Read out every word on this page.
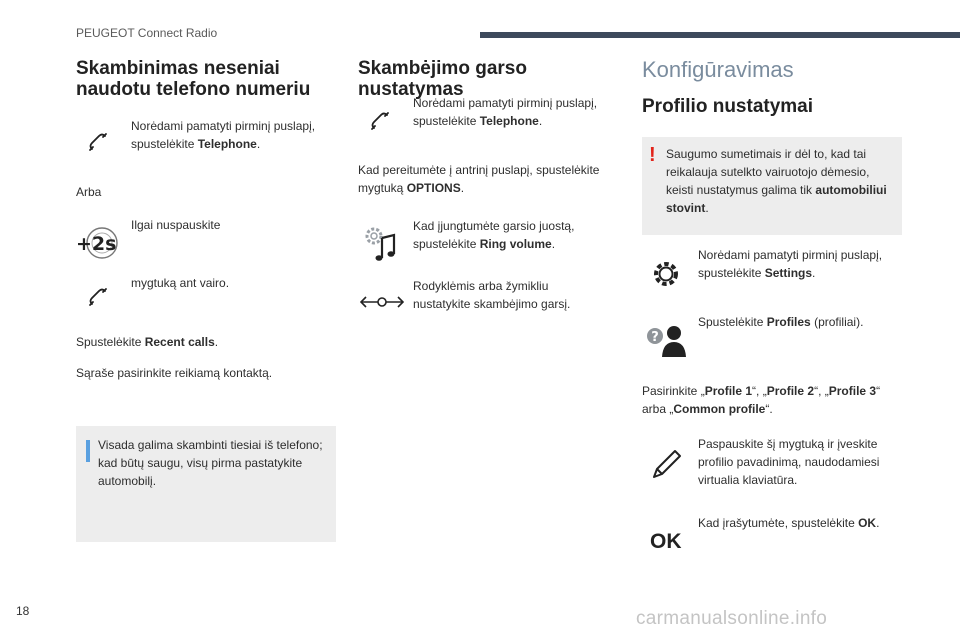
PEUGEOT Connect Radio
Skambinimas neseniai
naudotu telefono numeriu

Norėdami pamatyti pirminį puslapį,

spustelėkite Telephone.

Arba

+2s

Ilgai nuspauskite

mygtuką ant vairo.

Spustelėkite Recent calls.

Sąraše pasirinkite reikiamą kontaktą.

Visada galima skambinti tiesiai iš telefono;

kad būtų saugu, visų pirma pastatykite

automobilį.

Skambėjimo garso
nustatymas

Norėdami pamatyti pirminį puslapį,

spustelėkite Telephone.

Kad pereitumėte į antrinį puslapį, spustelėkite

mygtuką OPTIONS.

Kad įjungtumėte garsio juostą,

spustelėkite Ring volume.

Rodyklėmis arba žymikliu

nustatykite skambėjimo garsį.

Konfigūravimas
Profilio nustatymai
! Saugumo sumetimais ir dėl to, kad tai

reikalauja sutelkto vairuotojo dėmesio,

keisti nustatymus galima tik automobiliui

stovint.

Norėdami pamatyti pirminį puslapį,

spustelėkite Settings.

?

Spustelėkite Profiles (profiliai).

Pasirinkite „Profile 1“, „Profile 2“, „Profile 3“

arba „Common profile“.

Paspauskite šį mygtuką ir įveskite

profilio pavadinimą, naudodamiesi

virtualia klaviatūra.

OK

Kad įrašytumėte, spustelėkite OK.

18	carmanualsonline.info
